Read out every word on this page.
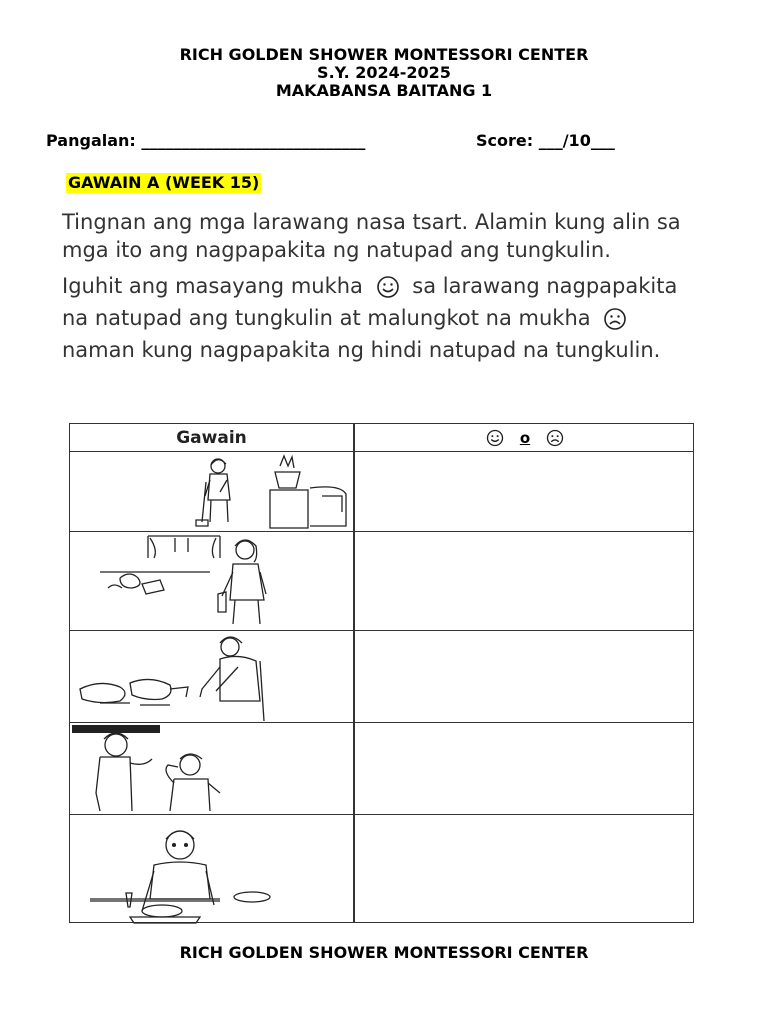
RICH GOLDEN SHOWER MONTESSORI CENTER
S.Y. 2024-2025
MAKABANSA BAITANG 1
Pangalan: ____________________________	Score: ___/10___
GAWAIN A (WEEK 15)
Tingnan ang mga larawang nasa tsart. Alamin kung alin sa mga ito ang nagpapakita ng natupad ang tungkulin.
Iguhit ang masayang mukha sa larawang nagpapakita na natupad ang tungkulin at malungkot na mukha  naman kung nagpapakita ng hindi natupad na tungkulin.
Gawain	o
RICH GOLDEN SHOWER MONTESSORI CENTER
